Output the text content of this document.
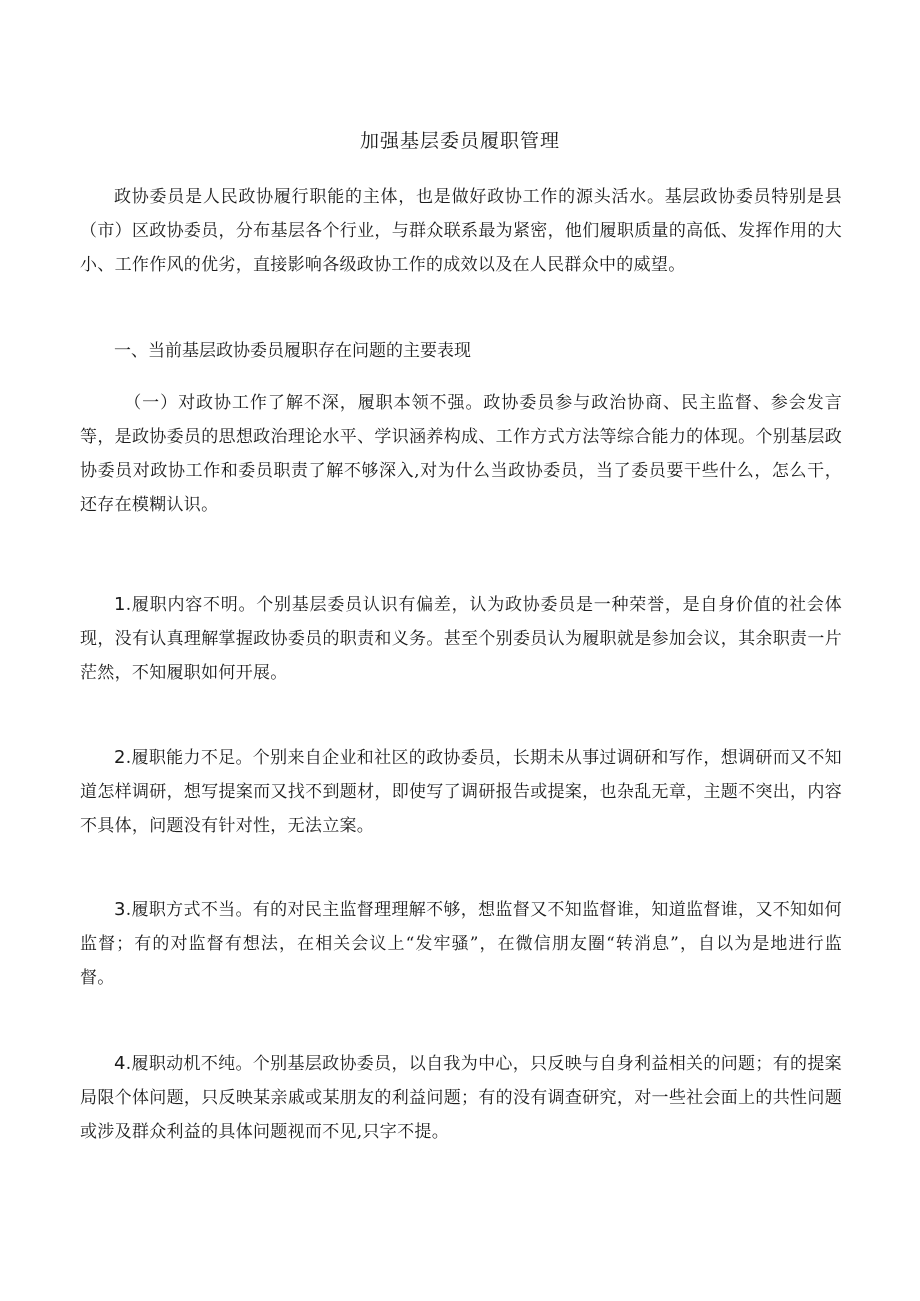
加强基层委员履职管理

政协委员是人民政协履行职能的主体，也是做好政协工作的源头活水。基层政协委员特别是县（市）区政协委员，分布基层各个行业，与群众联系最为紧密，他们履职质量的高低、发挥作用的大小、工作作风的优劣，直接影响各级政协工作的成效以及在人民群众中的威望。

一、当前基层政协委员履职存在问题的主要表现

（一）对政协工作了解不深，履职本领不强。政协委员参与政治协商、民主监督、参会发言等，是政协委员的思想政治理论水平、学识涵养构成、工作方式方法等综合能力的体现。个别基层政协委员对政协工作和委员职责了解不够深入,对为什么当政协委员，当了委员要干些什么，怎么干，还存在模糊认识。

1.履职内容不明。个别基层委员认识有偏差，认为政协委员是一种荣誉，是自身价值的社会体现，没有认真理解掌握政协委员的职责和义务。甚至个别委员认为履职就是参加会议，其余职责一片茫然，不知履职如何开展。

2.履职能力不足。个别来自企业和社区的政协委员，长期未从事过调研和写作，想调研而又不知道怎样调研，想写提案而又找不到题材，即使写了调研报告或提案，也杂乱无章，主题不突出，内容不具体，问题没有针对性，无法立案。

3.履职方式不当。有的对民主监督理理解不够，想监督又不知监督谁，知道监督谁，又不知如何监督；有的对监督有想法，在相关会议上“发牢骚”，在微信朋友圈“转消息”，自以为是地进行监督。

4.履职动机不纯。个别基层政协委员，以自我为中心，只反映与自身利益相关的问题；有的提案局限个体问题，只反映某亲戚或某朋友的利益问题；有的没有调查研究，对一些社会面上的共性问题或涉及群众利益的具体问题视而不见,只字不提。
